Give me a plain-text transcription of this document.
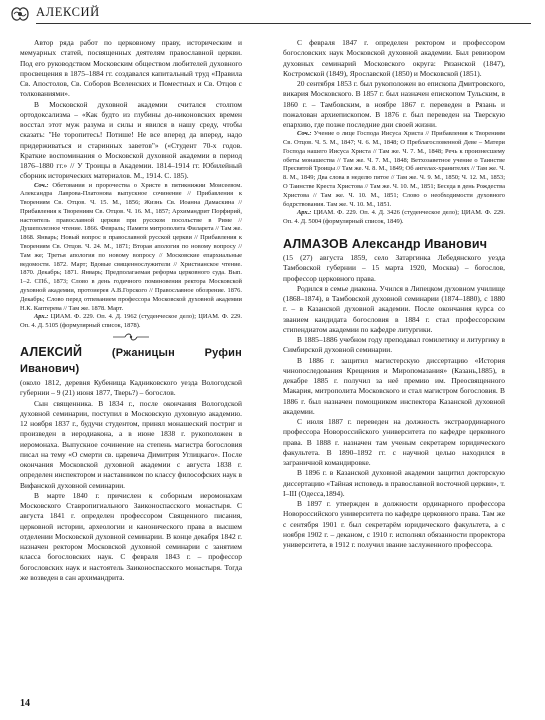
АЛЕКСИЙ

Автор ряда работ по церковному праву, историческим и мемуарных статей, посвященных деятелям православной церкви. Под его руководством Московским обществом любителей духовного просвещения в 1875–1884 гг. создавался капитальный труд «Правила Св. Апостолов, Св. Соборов Вселенских и Поместных и Св. Отцов с толкованиями».

В Московской духовной академии считался столпом ортодоксализма – «Как будто из глубины до-никоновских времен восстал этот муж разума и силы и явился в нашу среду, чтобы сказать: "Не торопитесь! Потише! Не все вперед да вперед, надо придерживаться и старинных заветов"» («Студент 70-х годов. Краткие воспоминания о Московской духовной академии в период 1876–1880 гг.» // У Троицы в Академии. 1814–1914 гг. Юбилейный сборник исторических материалов. М., 1914. С. 185).

Соч.: Обетования и пророчества о Христе в пятикнижии Моисеевом. Александра Лаврова-Платонова выпускное сочинение // Прибавления к Творениям Св. Отцов. Ч. 15. М., 1856; Жизнь Св. Иоанна Дамаскина // Прибавления к Творениям Св. Отцов. Ч. 16. М., 1857; Архимандрит Порфирий, настоятель православной церкви при русском посольстве в Риме // Душеполезное чтение. 1866. Февраль; Памяти митрополита Филарета // Там же. 1868. Январь; Новый вопрос в православной русской церкви // Прибавления к Творениям Св. Отцов. Ч. 24. М., 1871; Вторая апология по новому вопросу // Там же; Третья апология по новому вопросу // Московские епархиальные ведомости. 1872. Март; Вдовые священнослужители // Христианское чтение. 1870. Декабрь; 1871. Январь; Предполагаемая реформа церковного суда. Вып. 1–2. СПб., 1873; Слово в день годичного поминовения ректора Московской духовной академии, протоиерея А.В.Горского // Православное обозрение. 1876. Декабрь; Слово перед отпеванием профессора Московской духовной академии Н.К. Каптерева // Там же. 1878. Март.

Арх.: ЦИАМ. Ф. 229. Оп. 4. Д. 1962 (студенческое дело); ЦИАМ. Ф. 229. Оп. 4. Д. 5105 (формулярный список, 1878).

АЛЕКСИЙ (Ржаницын Руфин Иванович)

(около 1812, деревня Кубенища Кадниковского уезда Вологодской губернии – 9 (21) июня 1877, Тверь?) – богослов.

Сын священника. В 1834 г., после окончания Вологодской духовной семинарии, поступил в Московскую духовную академию. 12 ноября 1837 г., будучи студентом, принял монашеский постриг и произведен в иеродиакона, а в июне 1838 г. рукоположен в иеромонаха. Выпускное сочинение на степень магистра богословия писал на тему «О смерти св. царевича Димитрия Углицкаго». После окончания Московской духовной академии с августа 1838 г. определен инспектором и наставником по классу философских наук в Вифанской духовной семинарии.

В марте 1840 г. причислен к соборным иеромонахам Московского Ставропигиального Заиконоспасского монастыря. С августа 1841 г. определен профессором Священного писания, церковной истории, археологии и канонического права в высшем отделении Московской духовной семинарии. В конце декабря 1842 г. назначен ректором Московской духовной семинарии с занятием класса богословских наук. С февраля 1843 г. – профессор богословских наук и настоятель Заиконоспасского монастыря. Тогда же возведен в сан архимандрита.

С февраля 1847 г. определен ректором и профессором богословских наук Московской духовной академии. Был ревизором духовных семинарий Московского округа: Рязанской (1847), Костромской (1849), Ярославской (1850) и Московской (1851).

20 сентября 1853 г. был рукоположен во епископа Дмитровского, викария Московского. В 1857 г. был назначен епископом Тульским, в 1860 г. – Тамбовским, в ноябре 1867 г. переведен в Рязань и пожалован архиепископом. В 1876 г. был переведен на Тверскую епархию, где позже последние дни своей жизни.

Соч.: Учение о лице Господа Иисуса Христа // Прибавления к Творениям Св. Отцов. Ч. 5. М., 1847; Ч. 6. М., 1848; О Преблагословенной Деве – Матери Господа нашего Иисуса Христа // Там же. Ч. 7. М., 1848; Речь к произнесшему обеты монашества // Там же. Ч. 7. М., 1848; Ветхозаветное учение о Таинстве Пресвятой Троицы // Там же. Ч. 8. М., 1849; Об ангелах-хранителях // Там же. Ч. 8. М., 1849; Два слова в неделю пятое // Там же. Ч. 9. М., 1850; Ч. 12. М., 1853; О Таинстве Креста Христова // Там же. Ч. 10. М., 1851; Беседа в день Рождества Христова // Там же. Ч. 10. М., 1851; Слово о необходимости духовного бодрствования. Там же. Ч. 10. М., 1851.

Арх.: ЦИАМ. Ф. 229. Оп. 4. Д. 3426 (студенческое дело); ЦИАМ. Ф. 229. Оп. 4. Д. 5004 (формулярный список, 1849).

АЛМАЗОВ Александр Иванович

(15 (27) августа 1859, село Затаргинка Лебедянского уезда Тамбовской губернии – 15 марта 1920, Москва) – богослов, профессор церковного права.

Родился в семье диакона. Учился в Липецком духовном училище (1868–1874), в Тамбовской духовной семинарии (1874–1880), с 1880 г. – в Казанской духовной академии. После окончания курса со званием кандидата богословия в 1884 г. стал профессорским стипендиатом академии по кафедре литургики.

В 1885–1886 учебном году преподавал гомилетику и литургику в Симбирской духовной семинарии.

В 1886 г. защитил магистерскую диссертацию «История чинопоследования Крещения и Миропомазания» (Казань,1885), в декабре 1885 г. получил за неё премию им. Преосвященного Макария, митрополита Московского и стал магистром богословия. В 1886 г. был назначен помощником инспектора Казанской духовной академии.

С июля 1887 г. переведен на должность экстраординарного профессора Новороссийского университета по кафедре церковного права. В 1888 г. назначен там ученым секретарем юридического факультета. В 1890–1892 гг. с научной целью находился в заграничной командировке.

В 1896 г. в Казанской духовной академии защитил докторскую диссертацию «Тайная исповедь в православной восточной церкви», т. I–III (Одесса,1894).

В 1897 г. утвержден в должности ординарного профессора Новороссийского университета по кафедре церковного права. Там же с сентября 1901 г. был секретарём юридического факультета, а с ноября 1902 г. – деканом, с 1910 г. исполнял обязанности проректора университета, в 1912 г. получил звание заслуженного профессора.

14
